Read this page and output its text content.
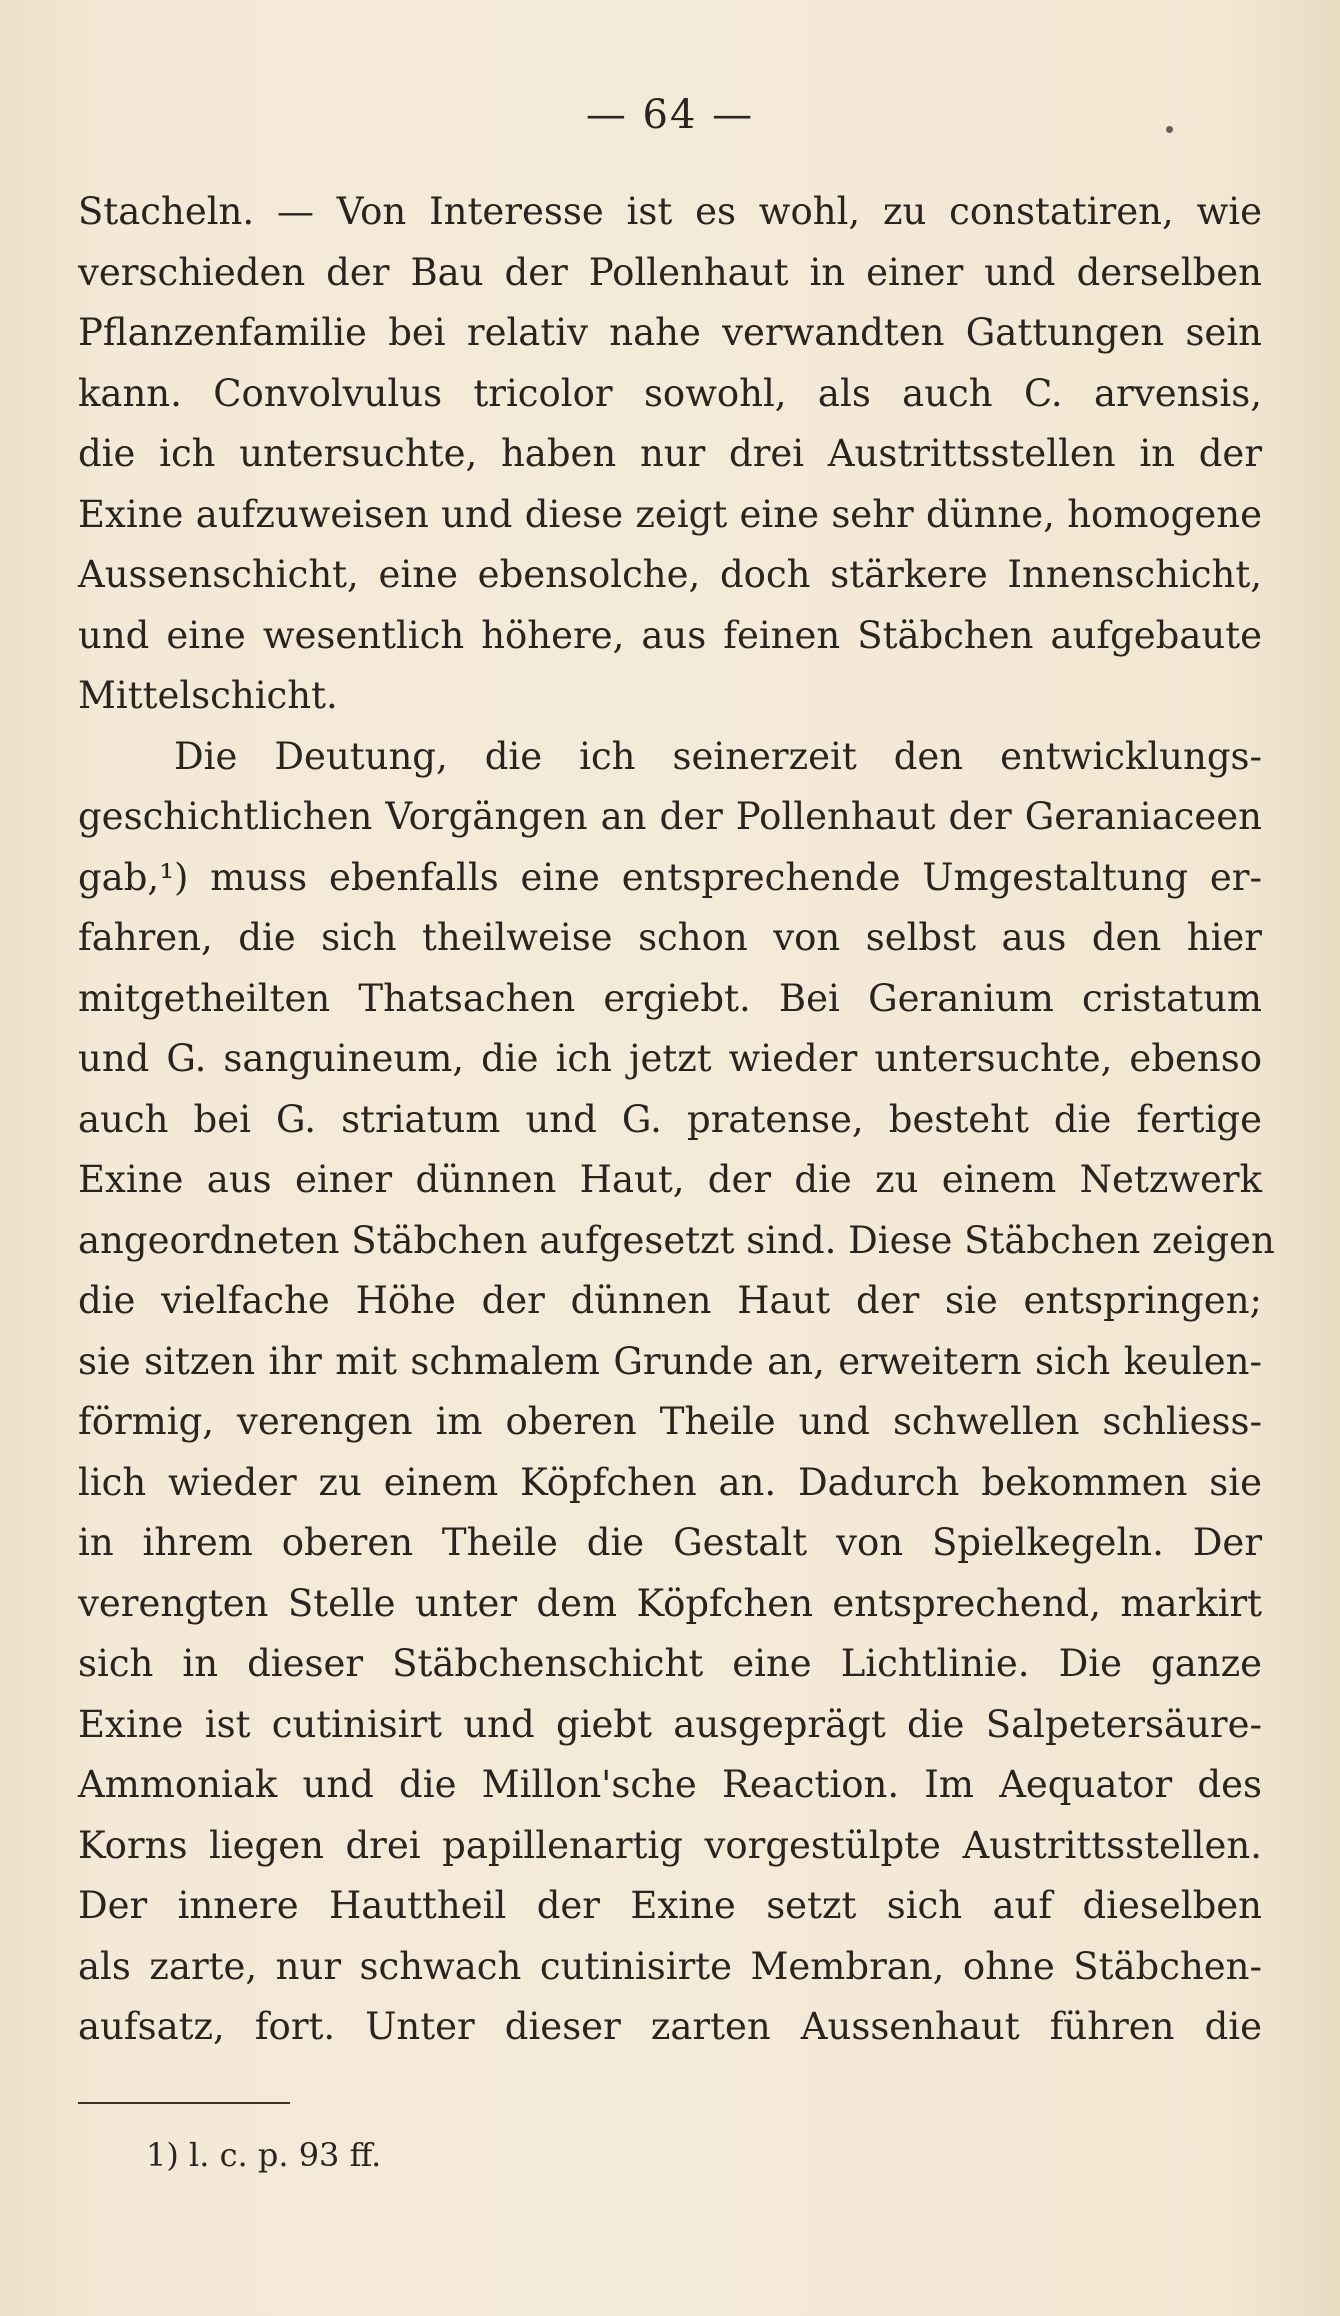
— 64 —
Stacheln. — Von Interesse ist es wohl, zu constatiren, wie
verschieden der Bau der Pollenhaut in einer und derselben
Pflanzenfamilie bei relativ nahe verwandten Gattungen sein
kann. Convolvulus tricolor sowohl, als auch C. arvensis,
die ich untersuchte, haben nur drei Austrittsstellen in der
Exine aufzuweisen und diese zeigt eine sehr dünne, homogene
Aussenschicht, eine ebensolche, doch stärkere Innenschicht,
und eine wesentlich höhere, aus feinen Stäbchen aufgebaute
Mittelschicht.
Die Deutung, die ich seinerzeit den entwicklungs-
geschichtlichen Vorgängen an der Pollenhaut der Geraniaceen
gab,¹) muss ebenfalls eine entsprechende Umgestaltung er-
fahren, die sich theilweise schon von selbst aus den hier
mitgetheilten Thatsachen ergiebt. Bei Geranium cristatum
und G. sanguineum, die ich jetzt wieder untersuchte, ebenso
auch bei G. striatum und G. pratense, besteht die fertige
Exine aus einer dünnen Haut, der die zu einem Netzwerk
angeordneten Stäbchen aufgesetzt sind. Diese Stäbchen zeigen
die vielfache Höhe der dünnen Haut der sie entspringen;
sie sitzen ihr mit schmalem Grunde an, erweitern sich keulen-
förmig, verengen im oberen Theile und schwellen schliess-
lich wieder zu einem Köpfchen an. Dadurch bekommen sie
in ihrem oberen Theile die Gestalt von Spielkegeln. Der
verengten Stelle unter dem Köpfchen entsprechend, markirt
sich in dieser Stäbchenschicht eine Lichtlinie. Die ganze
Exine ist cutinisirt und giebt ausgeprägt die Salpetersäure-
Ammoniak und die Millon'sche Reaction. Im Aequator des
Korns liegen drei papillenartig vorgestülpte Austrittsstellen.
Der innere Hauttheil der Exine setzt sich auf dieselben
als zarte, nur schwach cutinisirte Membran, ohne Stäbchen-
aufsatz, fort. Unter dieser zarten Aussenhaut führen die
1) l. c. p. 93 ff.
